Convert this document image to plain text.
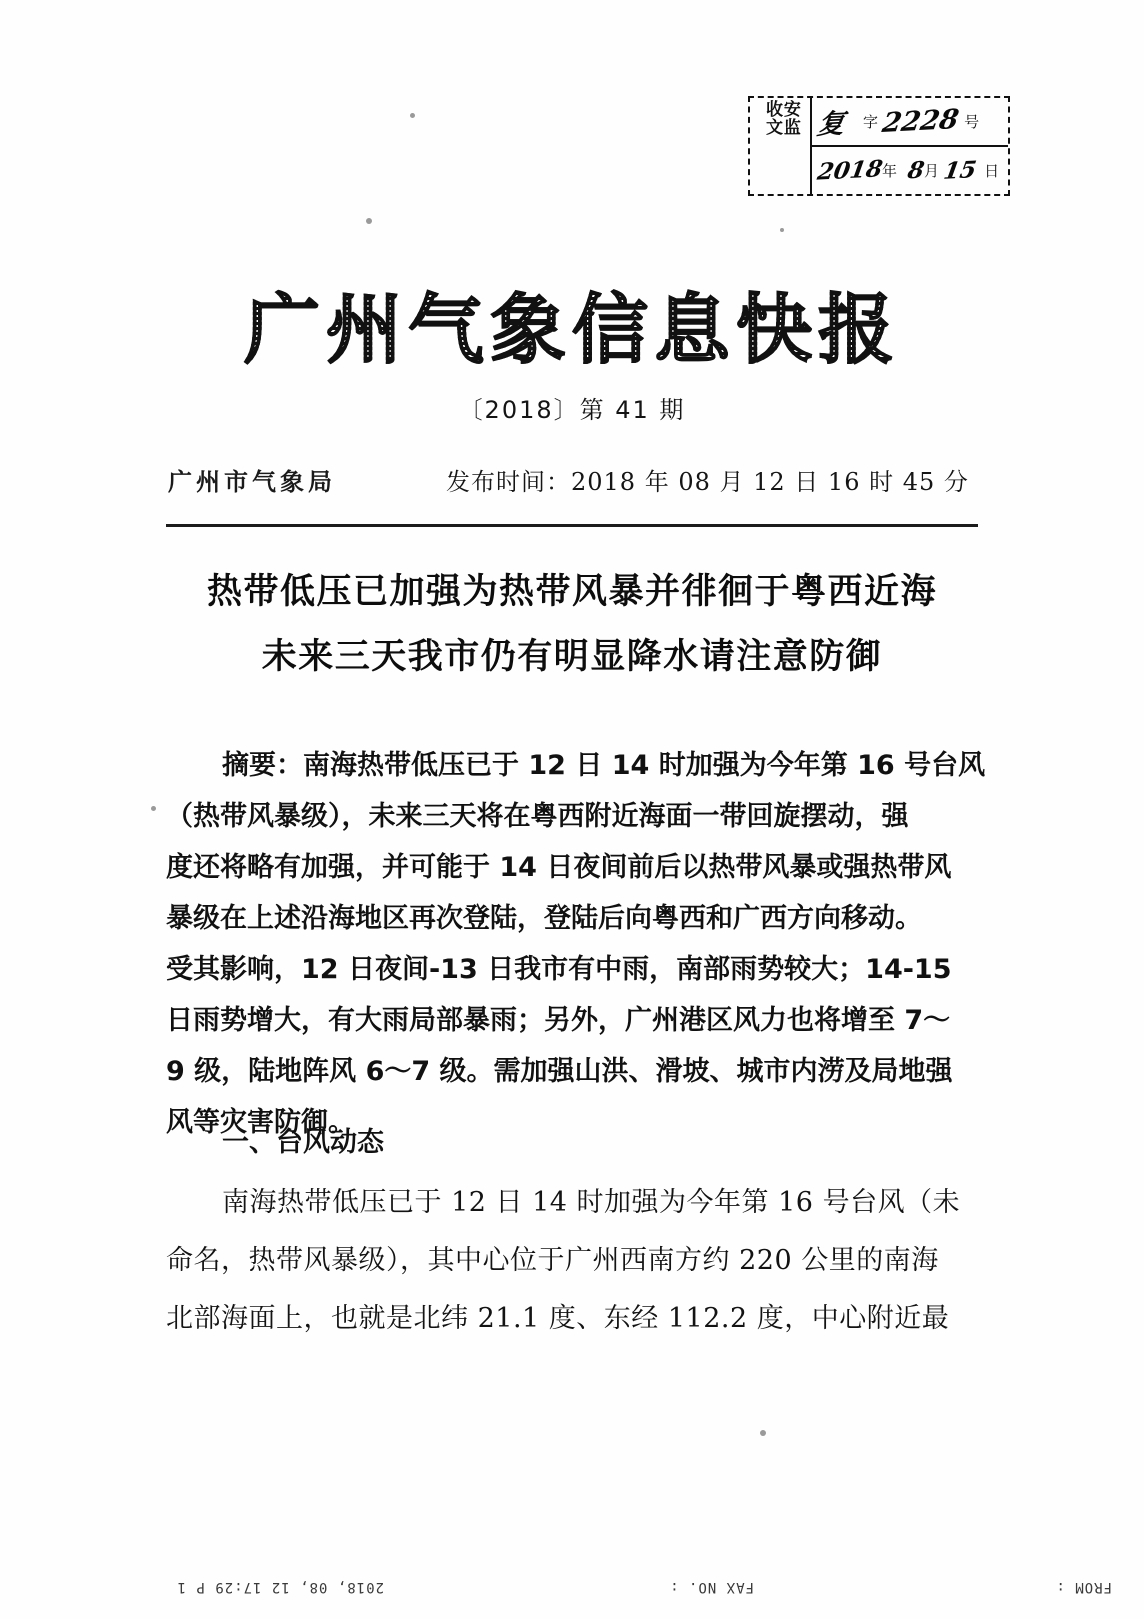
安监
收文 复 字 2228 号
2018
年 8
月 15 日
广州气象信息快报
〔2018〕第 41 期
广州市气象局	发布时间：2018 年 08 月 12 日 16 时 45 分
热带低压已加强为热带风暴并徘徊于粤西近海
未来三天我市仍有明显降水请注意防御
摘要：南海热带低压已于 12 日 14 时加强为今年第 16 号台风
（热带风暴级），未来三天将在粤西附近海面一带回旋摆动，强
度还将略有加强，并可能于 14 日夜间前后以热带风暴或强热带风
暴级在上述沿海地区再次登陆，登陆后向粤西和广西方向移动。
受其影响，12 日夜间-13 日我市有中雨，南部雨势较大；14-15
日雨势增大，有大雨局部暴雨；另外，广州港区风力也将增至 7～
9 级，陆地阵风 6～7 级。需加强山洪、滑坡、城市内涝及局地强
风等灾害防御。
一、台风动态
南海热带低压已于 12 日 14 时加强为今年第 16 号台风（未
命名，热带风暴级），其中心位于广州西南方约 220 公里的南海
北部海面上，也就是北纬 21.1 度、东经 112.2 度，中心附近最
FROM :
FAX NO. :
2018, 08, 12 17:29 P 1
